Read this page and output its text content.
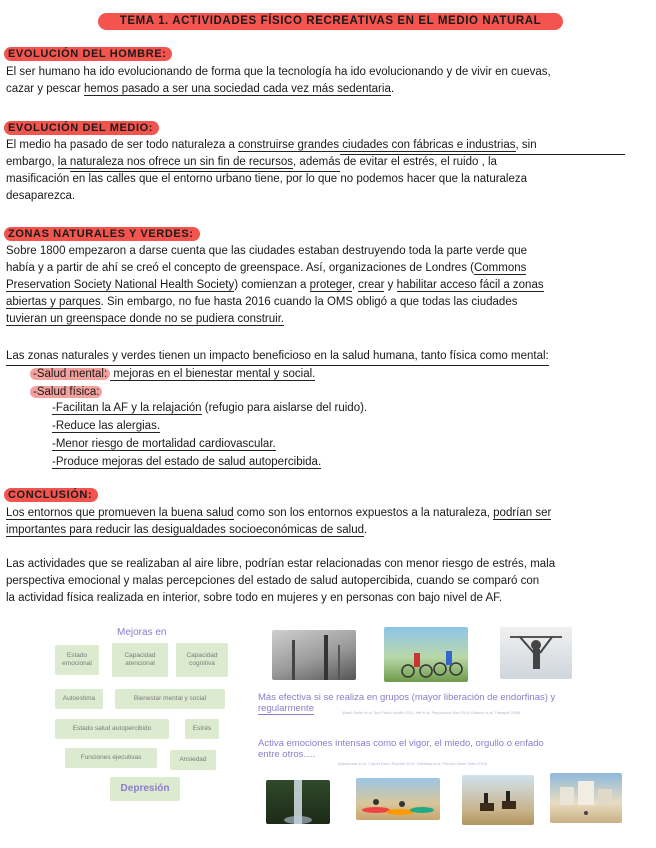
TEMA 1. ACTIVIDADES FÍSICO RECREATIVAS EN EL MEDIO NATURAL
EVOLUCIÓN DEL HOMBRE:
El ser humano ha ido evolucionando de forma que la tecnología ha ido evolucionando y de vivir en cuevas,
cazar y pescar hemos pasado a ser una sociedad cada vez más sedentaria.
EVOLUCIÓN DEL MEDIO:
El medio ha pasado de ser todo naturaleza a construirse grandes ciudades con fábricas e industrias, sin
embargo, la naturaleza nos ofrece un sin fin de recursos, además de evitar el estrés, el ruido , la
masificación en las calles que el entorno urbano tiene, por lo que no podemos hacer que la naturaleza
desaparezca.
ZONAS NATURALES Y VERDES:
Sobre 1800 empezaron a darse cuenta que las ciudades estaban destruyendo toda la parte verde que
había y a partir de ahí se creó el concepto de greenspace. Así, organizaciones de Londres (Commons
Preservation Society National Health Society) comienzan a proteger, crear y habilitar acceso fácil a zonas
abiertas y parques. Sin embargo, no fue hasta 2016 cuando la OMS obligó a que todas las ciudades
tuvieran un greenspace donde no se pudiera construir.
Las zonas naturales y verdes tienen un impacto beneficioso en la salud humana, tanto física como mental:
-Salud mental: mejoras en el bienestar mental y social.
-Salud física:
-Facilitan la AF y la relajación (refugio para aislarse del ruido).
-Reduce las alergias.
-Menor riesgo de mortalidad cardiovascular.
-Produce mejoras del estado de salud autopercibida.
CONCLUSIÓN:
Los entornos que promueven la buena salud como son los entornos expuestos a la naturaleza, podrían ser
importantes para reducir las desigualdades socioeconómicas de salud.
Las actividades que se realizaban al aire libre, podrían estar relacionadas con menor riesgo de estrés, mala
perspectiva emocional y malas percepciones del estado de salud autopercibida, cuando se comparó con
la actividad física realizada en interior, sobre todo en mujeres y en personas con bajo nivel de AF.
Mejoras en
Estado emocional
Capacidad atencional
Capacidad cognitiva
Autoestima	Bienestar mental y social
Estado salud autopercibido	Estrés
Funciones ejecutivas	Ansiedad
Depresión
Más efectiva si se realiza en grupos (mayor liberación de endorfinas) y
regularmente	(Barth-Smith et al. Soc Public Health 2012; Jeff et al. Psychosom Med 2014; Bartsch et al. Therapie 2006)
Activa emociones intensas como el vigor, el miedo, orgullo o enfado
entre otros….
(Mackenzie et al. J Sport Exerc Psychol 2012; Gallaway et al. Percept Motor Skills 2013)
